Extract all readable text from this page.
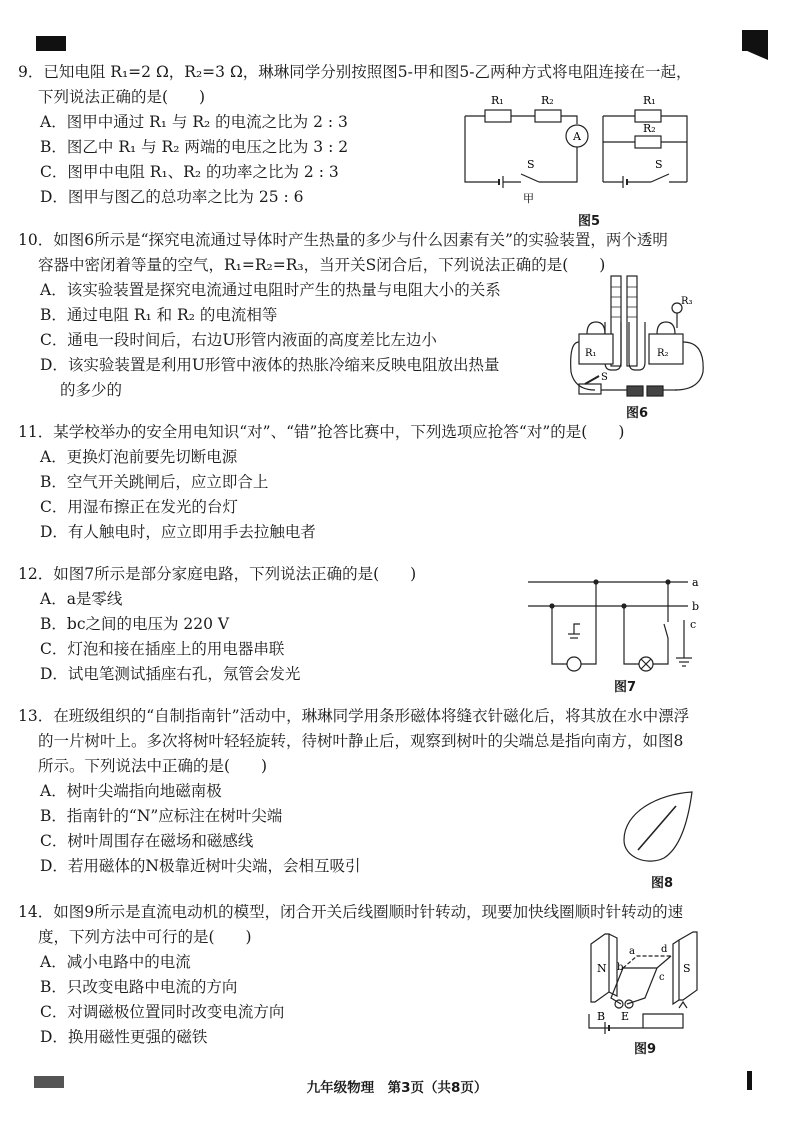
9．已知电阻 R₁=2 Ω，R₂=3 Ω，琳琳同学分别按照图5-甲和图5-乙两种方式将电阻连接在一起，

下列说法正确的是(　　)

A．图甲中通过 R₁ 与 R₂ 的电流之比为 2 : 3

B．图乙中 R₁ 与 R₂ 两端的电压之比为 3 : 2

C．图甲中电阻 R₁、R₂ 的功率之比为 2 : 3

D．图甲与图乙的总功率之比为 25 : 6

R₁	R₂
A
S
甲
R₁
R₂
S
图5

10．如图6所示是“探究电流通过导体时产生热量的多少与什么因素有关”的实验装置，两个透明

容器中密闭着等量的空气，R₁=R₂=R₃，当开关S闭合后，下列说法正确的是(　　)

A．该实验装置是探究电流通过电阻时产生的热量与电阻大小的关系

B．通过电阻 R₁ 和 R₂ 的电流相等

C．通电一段时间后，右边U形管内液面的高度差比左边小

D．该实验装置是利用U形管中液体的热胀冷缩来反映电阻放出热量

的多少的

R₁	R₂
R₃
S
图6

11．某学校举办的安全用电知识“对”、“错”抢答比赛中，下列选项应抢答“对”的是(　　)

A．更换灯泡前要先切断电源

B．空气开关跳闸后，应立即合上

C．用湿布擦正在发光的台灯

D．有人触电时，应立即用手去拉触电者

12．如图7所示是部分家庭电路，下列说法正确的是(　　)

A．a是零线

B．bc之间的电压为 220 V

C．灯泡和接在插座上的用电器串联

D．试电笔测试插座右孔，氖管会发光

a
b
c
图7

13．在班级组织的“自制指南针”活动中，琳琳同学用条形磁体将缝衣针磁化后，将其放在水中漂浮

的一片树叶上。多次将树叶轻轻旋转，待树叶静止后，观察到树叶的尖端总是指向南方，如图8

所示。下列说法中正确的是(　　)

A．树叶尖端指向地磁南极

B．指南针的“N”应标注在树叶尖端

C．树叶周围存在磁场和磁感线

D．若用磁体的N极靠近树叶尖端，会相互吸引

图8

14．如图9所示是直流电动机的模型，闭合开关后线圈顺时针转动，现要加快线圈顺时针转动的速

度，下列方法中可行的是(　　)

A．减小电路中的电流

B．只改变电路中电流的方向

C．对调磁极位置同时改变电流方向

D．换用磁性更强的磁铁

N	S
a
b
c
d
B E
图9
九年级物理　第3页（共8页）
